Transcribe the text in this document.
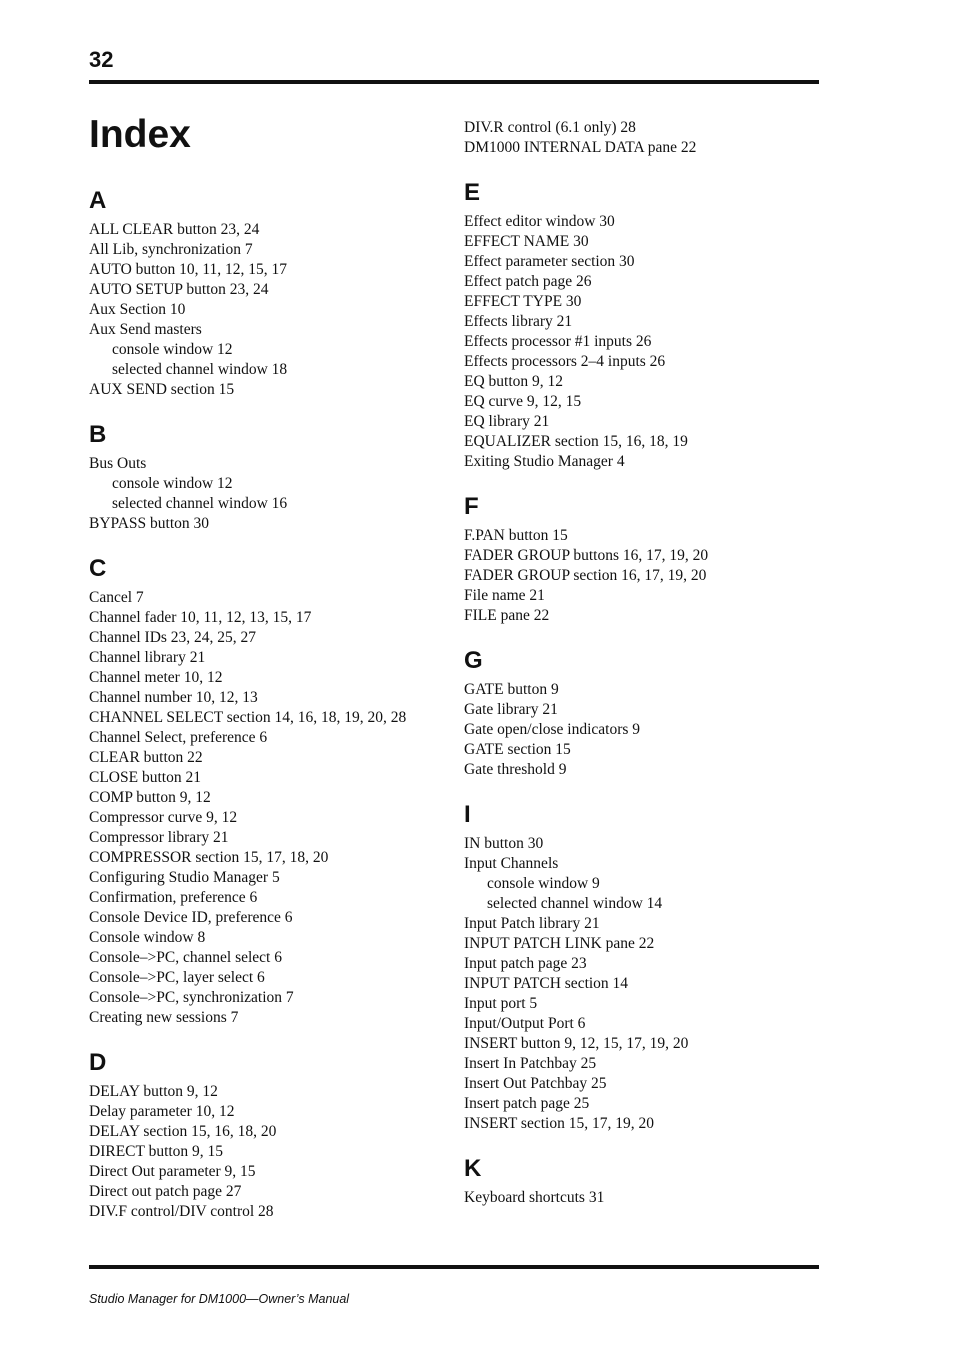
32
Index
A
ALL CLEAR button 23, 24
All Lib, synchronization 7
AUTO button 10, 11, 12, 15, 17
AUTO SETUP button 23, 24
Aux Section 10
Aux Send masters
console window 12
selected channel window 18
AUX SEND section 15
B
Bus Outs
console window 12
selected channel window 16
BYPASS button 30
C
Cancel 7
Channel fader 10, 11, 12, 13, 15, 17
Channel IDs 23, 24, 25, 27
Channel library 21
Channel meter 10, 12
Channel number 10, 12, 13
CHANNEL SELECT section 14, 16, 18, 19, 20, 28
Channel Select, preference 6
CLEAR button 22
CLOSE button 21
COMP button 9, 12
Compressor curve 9, 12
Compressor library 21
COMPRESSOR section 15, 17, 18, 20
Configuring Studio Manager 5
Confirmation, preference 6
Console Device ID, preference 6
Console window 8
Console–>PC, channel select 6
Console–>PC, layer select 6
Console–>PC, synchronization 7
Creating new sessions 7
D
DELAY button 9, 12
Delay parameter 10, 12
DELAY section 15, 16, 18, 20
DIRECT button 9, 15
Direct Out parameter 9, 15
Direct out patch page 27
DIV.F control/DIV control 28
DIV.R control (6.1 only) 28
DM1000 INTERNAL DATA pane 22
E
Effect editor window 30
EFFECT NAME 30
Effect parameter section 30
Effect patch page 26
EFFECT TYPE 30
Effects library 21
Effects processor #1 inputs 26
Effects processors 2–4 inputs 26
EQ button 9, 12
EQ curve 9, 12, 15
EQ library 21
EQUALIZER section 15, 16, 18, 19
Exiting Studio Manager 4
F
F.PAN button 15
FADER GROUP buttons 16, 17, 19, 20
FADER GROUP section 16, 17, 19, 20
File name 21
FILE pane 22
G
GATE button 9
Gate library 21
Gate open/close indicators 9
GATE section 15
Gate threshold 9
I
IN button 30
Input Channels
console window 9
selected channel window 14
Input Patch library 21
INPUT PATCH LINK pane 22
Input patch page 23
INPUT PATCH section 14
Input port 5
Input/Output Port 6
INSERT button 9, 12, 15, 17, 19, 20
Insert In Patchbay 25
Insert Out Patchbay 25
Insert patch page 25
INSERT section 15, 17, 19, 20
K
Keyboard shortcuts 31
Studio Manager for DM1000—Owner’s Manual
